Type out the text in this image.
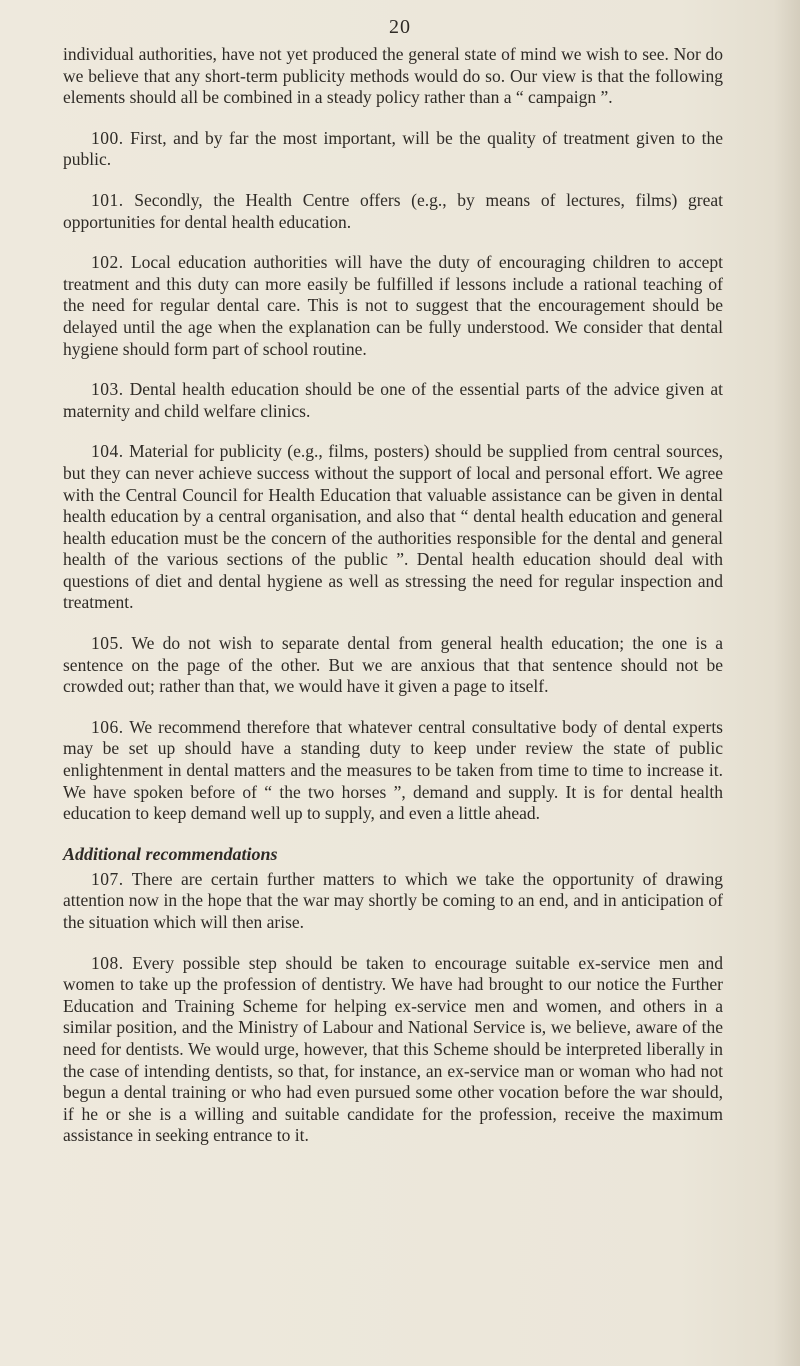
20

individual authorities, have not yet produced the general state of mind we wish to see. Nor do we believe that any short-term publicity methods would do so. Our view is that the following elements should all be combined in a steady policy rather than a “ campaign ”.

100. First, and by far the most important, will be the quality of treatment given to the public.

101. Secondly, the Health Centre offers (e.g., by means of lectures, films) great opportunities for dental health education.

102. Local education authorities will have the duty of encouraging children to accept treatment and this duty can more easily be fulfilled if lessons include a rational teaching of the need for regular dental care. This is not to suggest that the encouragement should be delayed until the age when the explanation can be fully understood. We consider that dental hygiene should form part of school routine.

103. Dental health education should be one of the essential parts of the advice given at maternity and child welfare clinics.

104. Material for publicity (e.g., films, posters) should be supplied from central sources, but they can never achieve success without the support of local and personal effort. We agree with the Central Council for Health Education that valuable assistance can be given in dental health education by a central organisation, and also that “ dental health education and general health education must be the concern of the authorities responsible for the dental and general health of the various sections of the public ”. Dental health education should deal with questions of diet and dental hygiene as well as stressing the need for regular inspection and treatment.

105. We do not wish to separate dental from general health education; the one is a sentence on the page of the other. But we are anxious that that sentence should not be crowded out; rather than that, we would have it given a page to itself.

106. We recommend therefore that whatever central consultative body of dental experts may be set up should have a standing duty to keep under review the state of public enlightenment in dental matters and the measures to be taken from time to time to increase it. We have spoken before of “ the two horses ”, demand and supply. It is for dental health education to keep demand well up to supply, and even a little ahead.

Additional recommendations

107. There are certain further matters to which we take the opportunity of drawing attention now in the hope that the war may shortly be coming to an end, and in anticipation of the situation which will then arise.

108. Every possible step should be taken to encourage suitable ex-service men and women to take up the profession of dentistry. We have had brought to our notice the Further Education and Training Scheme for helping ex-service men and women, and others in a similar position, and the Ministry of Labour and National Service is, we believe, aware of the need for dentists. We would urge, however, that this Scheme should be interpreted liberally in the case of intending dentists, so that, for instance, an ex-service man or woman who had not begun a dental training or who had even pursued some other vocation before the war should, if he or she is a willing and suitable candidate for the profession, receive the maximum assistance in seeking entrance to it.
